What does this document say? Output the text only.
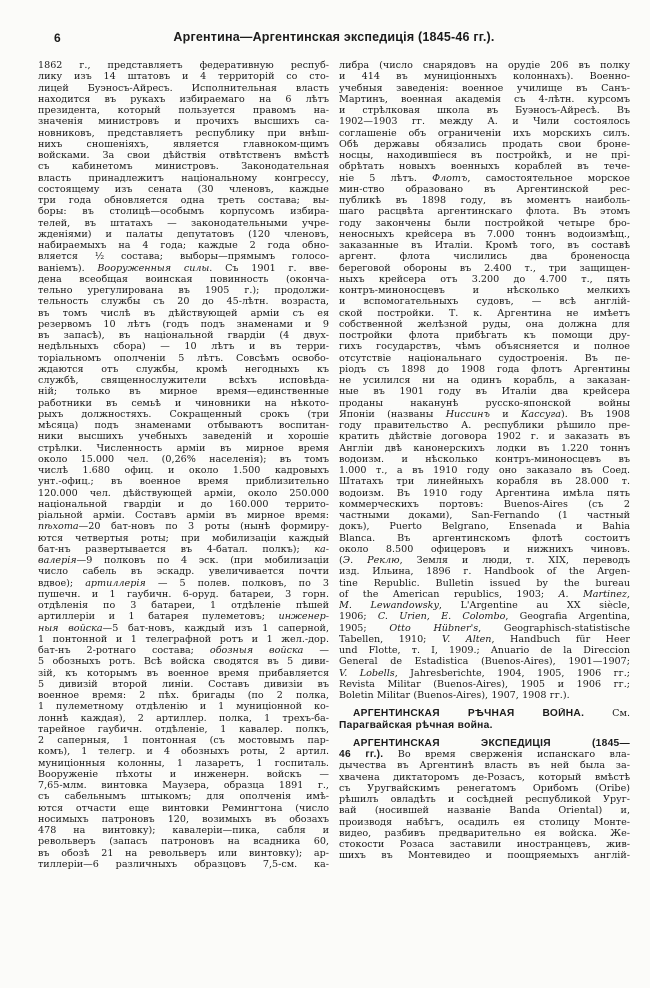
6	Аргентина—Аргентинская экспедиція (1845-46 гг.).
1862 г., представляетъ федеративную респуб-
лику изъ 14 штатовъ и 4 территорій со сто-
лицей Буэносъ-Айресъ. Исполнительная власть
находится въ рукахъ избираемаго на 6 лѣтъ
президента, который пользуется правомъ на-
значенія министровъ и прочихъ высшихъ са-
новниковъ, представляетъ республику при внѣш-
нихъ сношеніяхъ, является главноком-щимъ
войсками. За свои дѣйствія отвѣтственъ вмѣстѣ
съ кабинетомъ министровъ. Законодательная
власть принадлежитъ національному конгрессу,
состоящему изъ сената (30 членовъ, каждые
три года обновляется одна треть состава; вы-
боры: въ столицѣ—особымъ корпусомъ избира-
телей, въ штатахъ — законодательными учре-
жденіями) и палаты депутатовъ (120 членовъ,
набираемыхъ на 4 года; каждые 2 года обно-
вляется ½ состава; выборы—прямымъ голосо-
ваніемъ). Вооруженныя силы. Съ 1901 г. вве-
дена всеобщая воинская повинность (оконча-
тельно урегулирована въ 1905 г.); продолжи-
тельность службы съ 20 до 45-лѣтн. возраста,
въ томъ числѣ въ дѣйствующей арміи съ ея
резервомъ 10 лѣтъ (годъ подъ знаменами и 9
въ запасѣ), въ національной гвардіи (4 двух-
недѣльныхъ сбора) — 10 лѣтъ и въ терри-
торіальномъ ополченіи 5 лѣтъ. Совсѣмъ освобо-
ждаются отъ службы, кромѣ негодныхъ къ
службѣ, священнослужители всѣхъ исповѣда-
ній; только въ мирное время—единственные
работники въ семьѣ и чиновники на нѣкото-
рыхъ должностяхъ. Сокращенный срокъ (три
мѣсяца) подъ знаменами отбываютъ воспитан-
ники высшихъ учебныхъ заведеній и хорошіе
стрѣлки. Численность арміи въ мирное время
около 15.000 чел. (0,26% населенія); въ томъ
числѣ 1.680 офиц. и около 1.500 кадровыхъ
унт.-офиц.; въ военное время приблизительно
120.000 чел. дѣйствующей арміи, около 250.000
національной гвардіи и до 160.000 террито-
ріальной арміи. Составъ арміи въ мирное время:
пѣхота—20 бат-новъ по 3 роты (нынѣ формиру-
ются четвертыя роты; при мобилизаціи каждый
бат-нъ развертывается въ 4-батал. полкъ); ка-
валерія—9 полковъ по 4 эск. (при мобилизаціи
число сабель въ эскадр. увеличивается почти
вдвое); артиллерія — 5 полев. полковъ, по 3
пушечн. и 1 гаубичн. 6-оруд. батареи, 3 горн.
отдѣленія по 3 батареи, 1 отдѣленіе пѣшей
артиллеріи и 1 батарея пулеметовъ; инженер-
ныя войска—5 бат-новъ, каждый изъ 1 саперной,
1 понтонной и 1 телеграфной ротъ и 1 жел.-дор.
бат-нъ 2-ротнаго состава; обозныя войска —
5 обозныхъ ротъ. Всѣ войска сводятся въ 5 диви-
зій, къ которымъ въ военное время прибавляется
5 дивизій второй линіи. Составъ дивизіи въ
военное время: 2 пѣх. бригады (по 2 полка,
1 пулеметному отдѣленію и 1 муниціонной ко-
лоннѣ каждая), 2 артиллер. полка, 1 трехъ-ба-
тарейное гаубичн. отдѣленіе, 1 кавалер. полкъ,
2 саперныя, 1 понтонная (съ мостовымъ пар-
комъ), 1 телегр. и 4 обозныхъ роты, 2 артил.
муниціонныя колонны, 1 лазаретъ, 1 госпиталь.
Вооруженіе пѣхоты и инженерн. войскъ —
7,65-млм. винтовка Маузера, образца 1891 г.,
съ сабельнымъ штыкомъ; для ополченія имѣ-
ются отчасти еще винтовки Ремингтона (число
носимыхъ патроновъ 120, возимыхъ въ обозахъ
478 на винтовку); кавалеріи—пика, сабля и
револьверъ (запасъ патроновъ на всадника 60,
въ обозѣ 21 на револьверъ или винтовку); ар-
тиллеріи—6 различныхъ образцовъ 7,5-см. ка-
либра (число снарядовъ на орудіе 206 въ полку
и 414 въ муниціонныхъ колоннахъ). Военно-
учебныя заведенія: военное училище въ Санъ-
Мартинъ, военная академія съ 4-лѣтн. курсомъ
и стрѣлковая школа въ Буэносъ-Айресѣ. Въ
1902—1903 гг. между А. и Чили состоялось
соглашеніе объ ограниченіи ихъ морскихъ силъ.
Обѣ державы обязались продать свои броне-
носцы, находившіеся въ постройкѣ, и не прі-
обрѣтать новыхъ военныхъ кораблей въ тече-
ніе 5 лѣтъ. Флотъ, самостоятельное морское
мин-ство образовано въ Аргентинской рес-
публикѣ въ 1898 году, въ моментъ наиболь-
шаго расцвѣта аргентинскаго флота. Въ этомъ
году закончены были постройкой четыре бро-
неносныхъ крейсера въ 7.000 тоннъ водоизмѣщ.,
заказанные въ Италіи. Кромѣ того, въ составѣ
аргент. флота числились два броненосца
береговой обороны въ 2.400 т., три защищен-
ныхъ крейсера отъ 3.200 до 4.700 т., пять
контръ-миноносцевъ и нѣсколько мелкихъ
и вспомогательныхъ судовъ, — всѣ англій-
ской постройки. Т. к. Аргентина не имѣетъ
собственной желѣзной руды, она должна для
постройки флота прибѣгать къ помощи дру-
гихъ государствъ, чѣмъ объясняется и полное
отсутствіе національнаго судостроенія. Въ пе-
ріодъ съ 1898 до 1908 года флотъ Аргентины
не усилился ни на одинъ корабль, а заказан-
ные въ 1901 году въ Италіи два крейсера
проданы наканунѣ русско-японской войны
Японіи (названы Ниссинъ и Кассуга). Въ 1908
году правительство А. республики рѣшило пре-
кратить дѣйствіе договора 1902 г. и заказать въ
Англіи двѣ канонерскихъ лодки въ 1.220 тоннъ
водоизм. и нѣсколько контръ-миноносцевъ въ
1.000 т., а въ 1910 году оно заказало въ Соед.
Штатахъ три линейныхъ корабля въ 28.000 т.
водоизм. Въ 1910 году Аргентина имѣла пять
коммерческихъ портовъ: Buenos-Aires (съ 2
частными доками), San-Fernando (1 частный
докъ), Puerto Belgrano, Ensenada и Bahia
Blanca. Въ аргентинскомъ флотѣ состоитъ
около 8.500 офицеровъ и нижнихъ чиновъ.
(Э. Реклю, Земля и люди, т. XIX, переводъ
изд. Ильина, 1896 г. Handbook of the Argen-
tine Republic. Bulletin issued by the bureau
of the American republics, 1903; A. Martinez,
M. Lewandowsky, L'Argentine au XX siècle,
1906; C. Urien, E. Colombo, Geografia Argentina,
1905; Otto Hübner's, Geographisch-statistische
Tabellen, 1910; V. Alten, Handbuch für Heer
und Flotte, т. I, 1909.; Anuario de la Direccion
General de Estadistica (Buenos-Aires), 1901—1907;
V. Lobells, Jahresberichte, 1904, 1905, 1906 гг.;
Revista Militar (Buenos-Aires), 1905 и 1906 гг.;
Boletin Militar (Buenos-Aires), 1907, 1908 гг.).
АРГЕНТИНСКАЯ РѢЧНАЯ ВОЙНА. См.
Парагвайская рѣчная война.
АРГЕНТИНСКАЯ ЭКСПЕДИЦІЯ (1845—
46 гг.). Во время сверженія испанскаго вла-
дычества въ Аргентинѣ власть въ ней была за-
хвачена диктаторомъ де-Розасъ, который вмѣстѣ
съ Уругвайскимъ ренегатомъ Орибомъ (Oribe)
рѣшилъ овладѣть и сосѣдней республикой Уруг-
вай (носившей названіе Banda Oriental) и,
производя набѣгъ, осадилъ ея столицу Монте-
видео, разбивъ предварительно ея войска. Же-
стокости Розаса заставили иностранцевъ, жив-
шихъ въ Монтевидео и поощряемыхъ англій-
